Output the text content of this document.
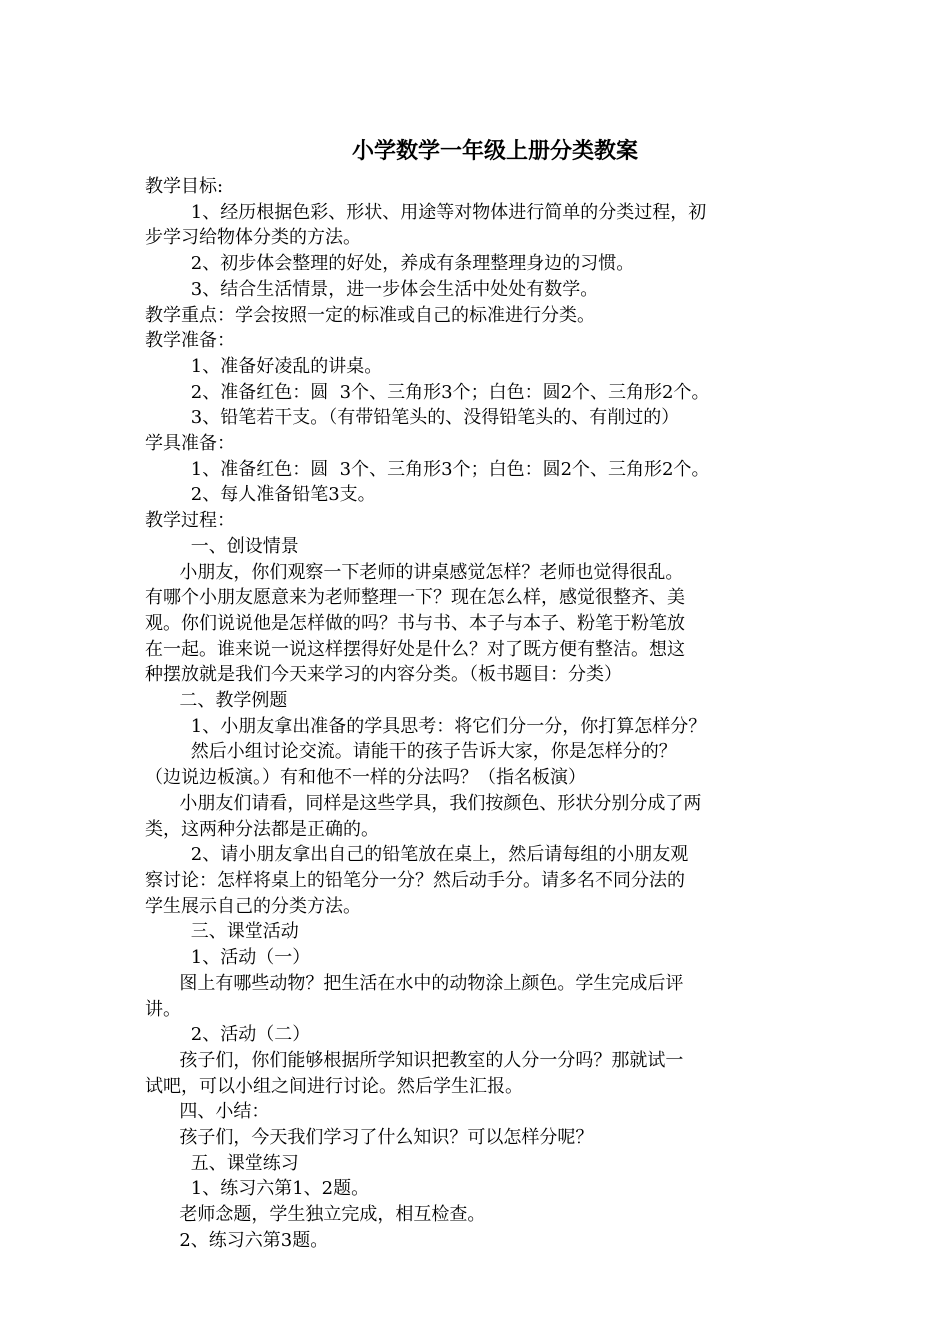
小学数学一年级上册分类教案
教学目标:
1、经历根据色彩、形状、用途等对物体进行简单的分类过程，初
步学习给物体分类的方法。
2、初步体会整理的好处，养成有条理整理身边的习惯。
3、结合生活情景，进一步体会生活中处处有数学。
教学重点：学会按照一定的标准或自己的标准进行分类。
教学准备：
1、准备好凌乱的讲桌。
2、准备红色：圆  3个、三角形3个；白色：圆2个、三角形2个。
3、铅笔若干支。（有带铅笔头的、没得铅笔头的、有削过的）
学具准备：
1、准备红色：圆  3个、三角形3个；白色：圆2个、三角形2个。
2、每人准备铅笔3支。
教学过程：
一、创设情景
小朋友，你们观察一下老师的讲桌感觉怎样？老师也觉得很乱。
有哪个小朋友愿意来为老师整理一下？现在怎么样，感觉很整齐、美
观。你们说说他是怎样做的吗？书与书、本子与本子、粉笔于粉笔放
在一起。谁来说一说这样摆得好处是什么？对了既方便有整洁。想这
种摆放就是我们今天来学习的内容分类。（板书题目：分类）
二、教学例题
1、小朋友拿出准备的学具思考：将它们分一分，你打算怎样分？
然后小组讨论交流。请能干的孩子告诉大家，你是怎样分的？
（边说边板演。）有和他不一样的分法吗？（指名板演）
小朋友们请看，同样是这些学具，我们按颜色、形状分别分成了两
类，这两种分法都是正确的。
2、请小朋友拿出自己的铅笔放在桌上，然后请每组的小朋友观
察讨论：怎样将桌上的铅笔分一分？然后动手分。请多名不同分法的
学生展示自己的分类方法。
三、课堂活动
1、活动（一）
图上有哪些动物？把生活在水中的动物涂上颜色。学生完成后评
讲。
2、活动（二）
孩子们，你们能够根据所学知识把教室的人分一分吗？那就试一
试吧，可以小组之间进行讨论。然后学生汇报。
四、小结：
孩子们，今天我们学习了什么知识？可以怎样分呢？
五、课堂练习
1、练习六第1、2题。
老师念题，学生独立完成，相互检查。
2、练习六第3题。
